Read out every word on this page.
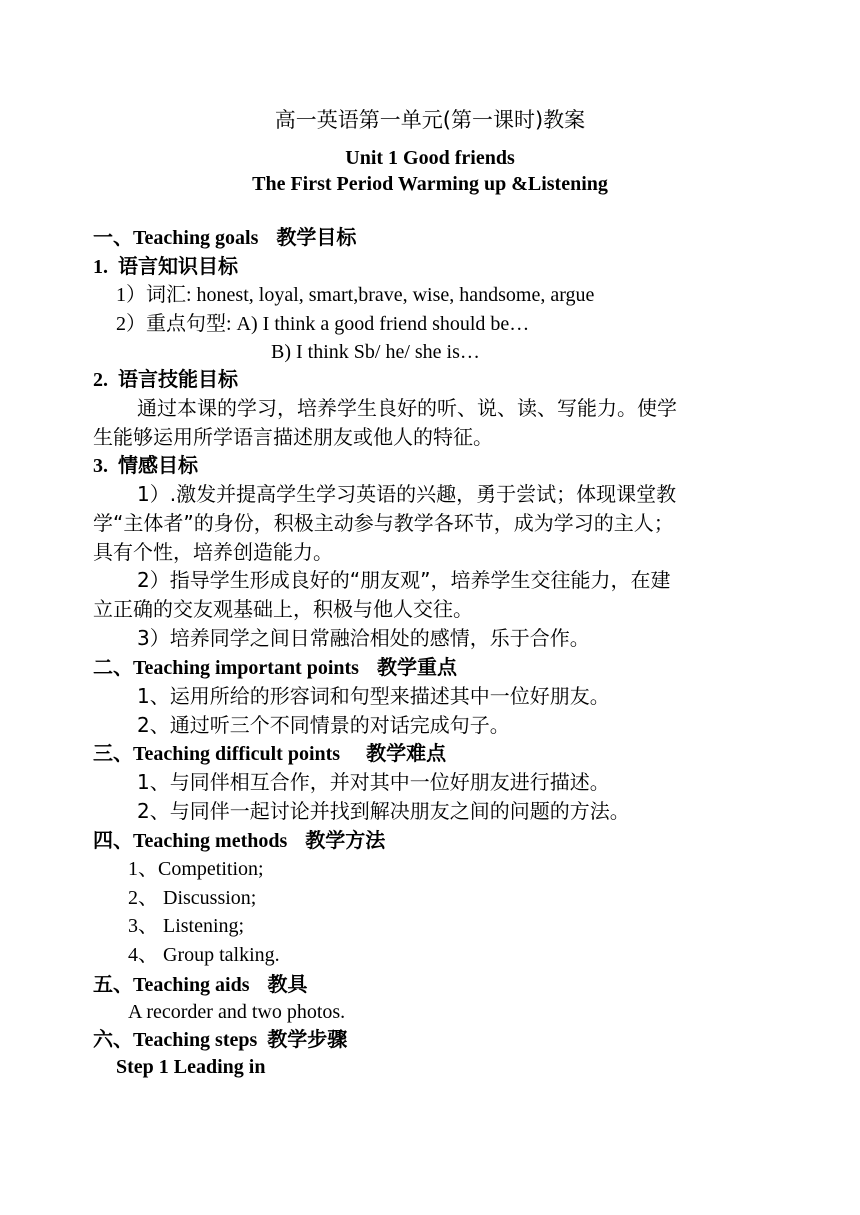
高一英语第一单元(第一课时)教案
Unit 1 Good friends
The First Period Warming up &Listening
一、Teaching goals 教学目标
1. 语言知识目标
1）词汇: honest, loyal, smart,brave, wise, handsome, argue
2）重点句型: A) I think a good friend should be…
B) I think Sb/ he/ she is…
2. 语言技能目标
通过本课的学习，培养学生良好的听、说、读、写能力。使学
生能够运用所学语言描述朋友或他人的特征。
3. 情感目标
1）.激发并提高学生学习英语的兴趣，勇于尝试；体现课堂教
学“主体者”的身份，积极主动参与教学各环节，成为学习的主人；
具有个性，培养创造能力。
2）指导学生形成良好的“朋友观”，培养学生交往能力，在建
立正确的交友观基础上，积极与他人交往。
3）培养同学之间日常融洽相处的感情，乐于合作。
二、Teaching important points 教学重点
1、运用所给的形容词和句型来描述其中一位好朋友。
2、通过听三个不同情景的对话完成句子。
三、Teaching difficult points 教学难点
1、与同伴相互合作，并对其中一位好朋友进行描述。
2、与同伴一起讨论并找到解决朋友之间的问题的方法。
四、Teaching methods 教学方法
1、Competition;
2、 Discussion;
3、 Listening;
4、 Group talking.
五、Teaching aids 教具
A recorder and two photos.
六、Teaching steps 教学步骤
Step 1 Leading in
